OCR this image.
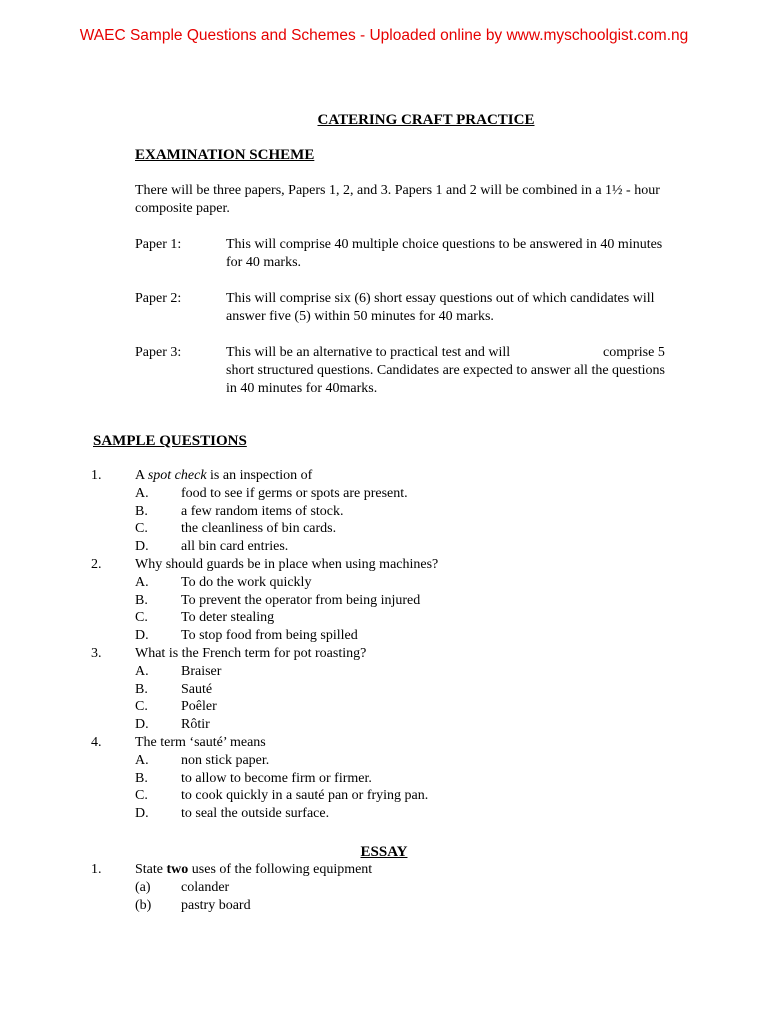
WAEC Sample Questions and Schemes - Uploaded online by www.myschoolgist.com.ng
CATERING CRAFT PRACTICE
EXAMINATION SCHEME
There will be three papers, Papers 1, 2, and 3. Papers 1 and 2 will be combined in a 1½ - hour composite paper.
Paper 1:	This will comprise 40 multiple choice questions to be answered in 40 minutes for 40 marks.
Paper 2:	This will comprise six (6) short essay questions out of which candidates will answer five (5) within 50 minutes for 40 marks.
Paper 3:	This will be an alternative to practical test and will	comprise 5
short structured questions. Candidates are expected to answer all the questions in 40 minutes for 40marks.
SAMPLE QUESTIONS
1. A spot check is an inspection of
A. food to see if germs or spots are present.
B. a few random items of stock.
C. the cleanliness of bin cards.
D. all bin card entries.
2. Why should guards be in place when using machines?
A. To do the work quickly
B. To prevent the operator from being injured
C. To deter stealing
D. To stop food from being spilled
3. What is the French term for pot roasting?
A. Braiser
B. Sauté
C. Poêler
D. Rôtir
4. The term ‘sauté’ means
A. non stick paper.
B. to allow to become firm or firmer.
C. to cook quickly in a sauté pan or frying pan.
D. to seal the outside surface.
ESSAY
1. State two uses of the following equipment
(a) colander
(b) pastry board
